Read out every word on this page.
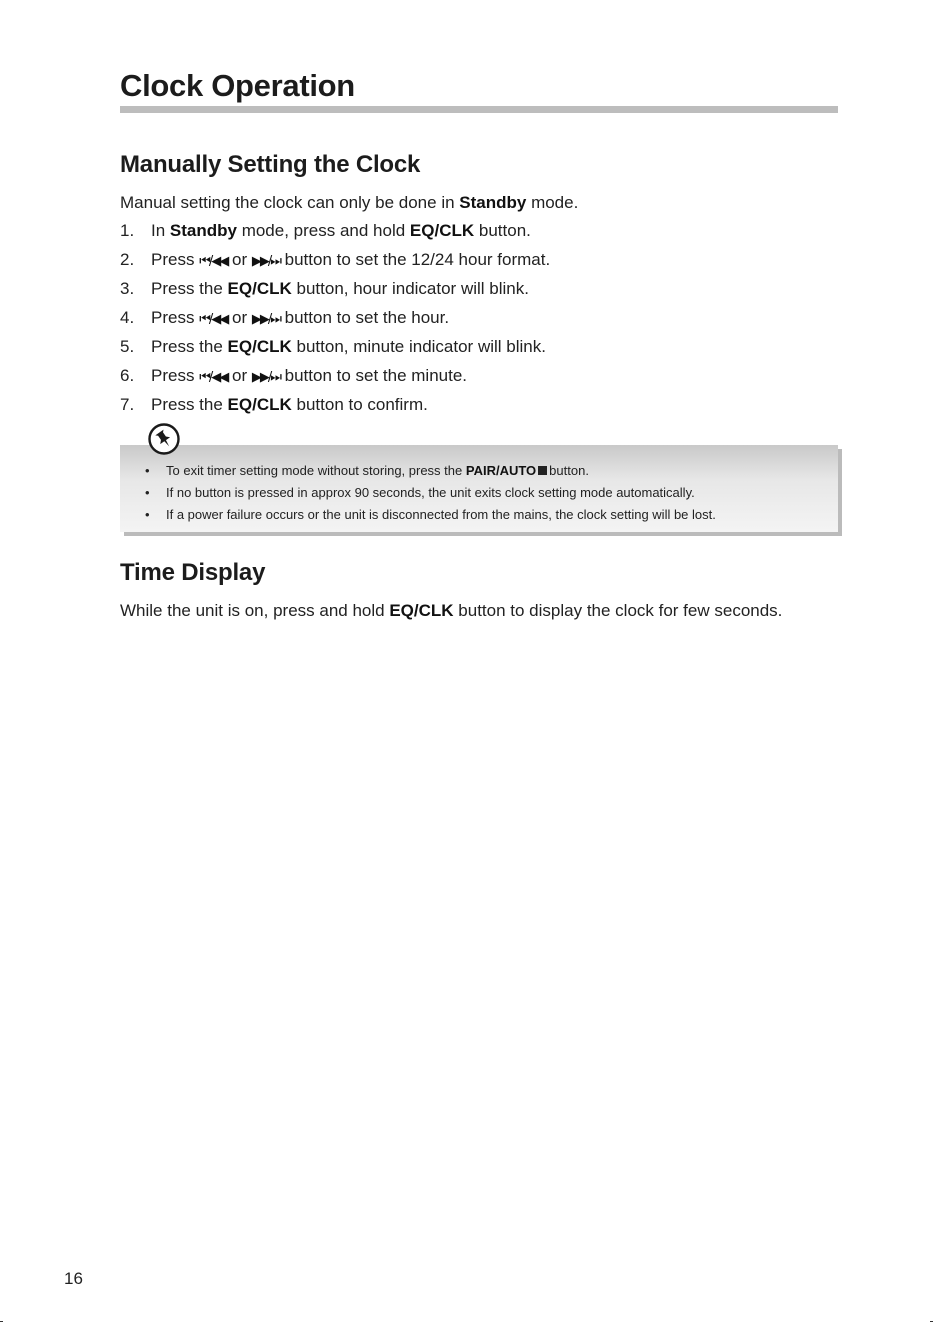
Clock Operation
Manually Setting the Clock

Manual setting the clock can only be done in Standby mode.

1. In Standby mode, press and hold EQ/CLK button.
2. Press ⏮/◀◀ or ▶▶/⏭ button to set the 12/24 hour format.
3. Press the EQ/CLK button, hour indicator will blink.
4. Press ⏮/◀◀ or ▶▶/⏭ button to set the hour.
5. Press the EQ/CLK button, minute indicator will blink.
6. Press ⏮/◀◀ or ▶▶/⏭ button to set the minute.
7. Press the EQ/CLK button to confirm.
• To exit timer setting mode without storing, press the PAIR/AUTO button.
• If no button is pressed in approx 90 seconds, the unit exits clock setting mode automatically.
• If a power failure occurs or the unit is disconnected from the mains, the clock setting will be lost.
Time Display

While the unit is on, press and hold EQ/CLK button to display the clock for few seconds.

16
